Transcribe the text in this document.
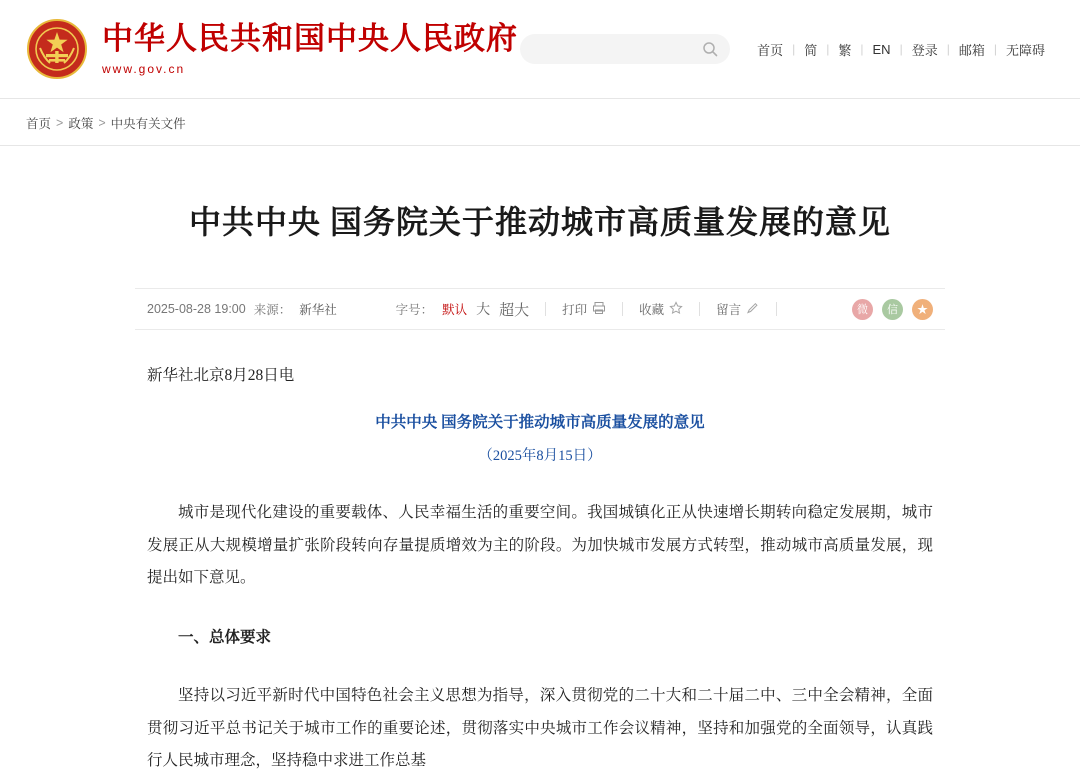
中华人民共和国中央人民政府
www.gov.cn
首页 | 简 | 繁 | EN | 登录 | 邮箱 | 无障碍
首页 > 政策 > 中央有关文件
中共中央 国务院关于推动城市高质量发展的意见
2025-08-28 19:00 来源： 新华社	字号： 默认 大 超大	打印	收藏	留言	微	信	★
新华社北京8月28日电
中共中央 国务院关于推动城市高质量发展的意见
（2025年8月15日）

城市是现代化建设的重要载体、人民幸福生活的重要空间。我国城镇化正从快速增长期转向稳定发展期，城市发展正从大规模增量扩张阶段转向存量提质增效为主的阶段。为加快城市发展方式转型，推动城市高质量发展，现提出如下意见。

一、总体要求

坚持以习近平新时代中国特色社会主义思想为指导，深入贯彻党的二十大和二十届二中、三中全会精神，全面贯彻习近平总书记关于城市工作的重要论述，贯彻落实中央城市工作会议精神，坚持和加强党的全面领导，认真践行人民城市理念，坚持稳中求进工作总基
